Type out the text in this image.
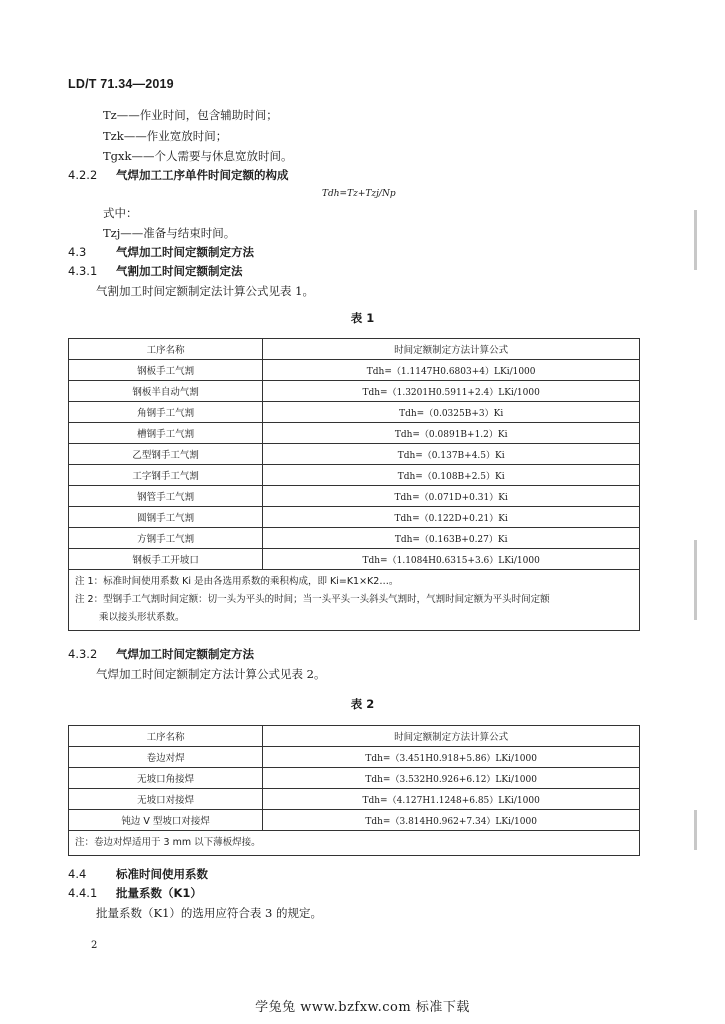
LD/T 71.34—2019
Tz——作业时间，包含辅助时间；
Tzk——作业宽放时间；
Tgxk——个人需要与休息宽放时间。
4.2.2 气焊加工工序单件时间定额的构成
Tdh=Tz+Tzj/Np
式中：
Tzj——准备与结束时间。
4.3	气焊加工时间定额制定方法
4.3.1 气割加工时间定额制定法
气割加工时间定额制定法计算公式见表 1。
表 1
工序名称	时间定额制定方法计算公式
钢板手工气割	Tdh=（1.1147H0.6803+4）LKi/1000
钢板半自动气割	Tdh=（1.3201H0.5911+2.4）LKi/1000
角钢手工气割	Tdh=（0.0325B+3）Ki
槽钢手工气割	Tdh=（0.0891B+1.2）Ki
乙型钢手工气割	Tdh=（0.137B+4.5）Ki
工字钢手工气割	Tdh=（0.108B+2.5）Ki
钢管手工气割	Tdh=（0.071D+0.31）Ki
圆钢手工气割	Tdh=（0.122D+0.21）Ki
方钢手工气割	Tdh=（0.163B+0.27）Ki
钢板手工开坡口	Tdh=（1.1084H0.6315+3.6）LKi/1000

注 1：标准时间使用系数 Ki 是由各选用系数的乘积构成，即 Ki=K1×K2…。
注 2：型钢手工气割时间定额：切一头为平头的时间；当一头平头一头斜头气割时，气割时间定额为平头时间定额
乘以接头形状系数。	
4.3.2 气焊加工时间定额制定方法
气焊加工时间定额制定方法计算公式见表 2。
表 2
工序名称	时间定额制定方法计算公式
卷边对焊	Tdh=（3.451H0.918+5.86）LKi/1000
无坡口角接焊	Tdh=（3.532H0.926+6.12）LKi/1000
无坡口对接焊	Tdh=（4.127H1.1248+6.85）LKi/1000
钝边 V 型坡口对接焊	Tdh=（3.814H0.962+7.34）LKi/1000

注：卷边对焊适用于 3 mm 以下薄板焊接。	
4.4	标准时间使用系数
4.4.1 批量系数（K1）
批量系数（K1）的选用应符合表 3 的规定。
2
学兔兔 www.bzfxw.com 标准下载
